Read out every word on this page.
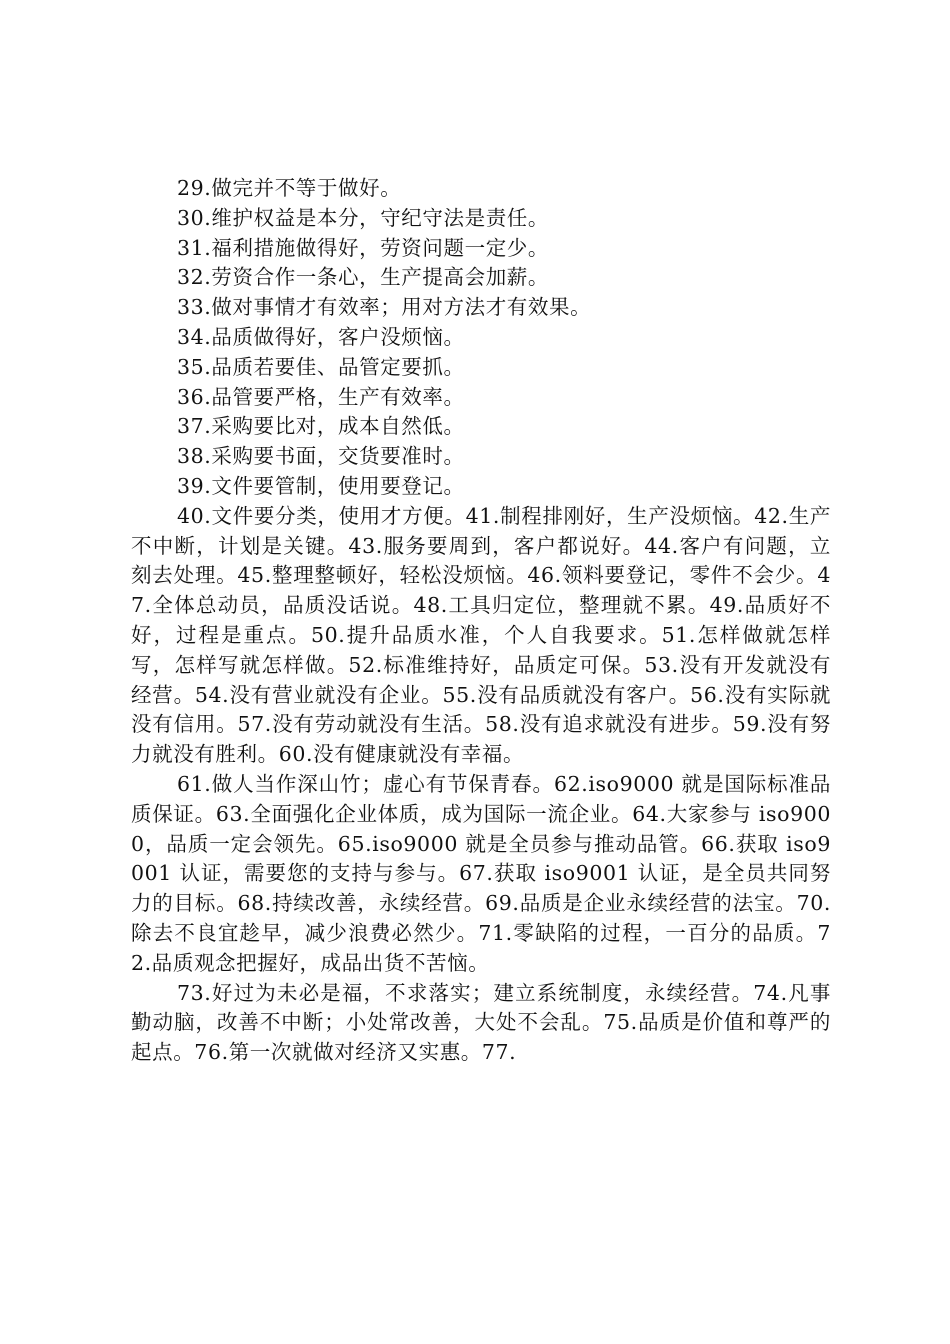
29.做完并不等于做好。
30.维护权益是本分，守纪守法是责任。
31.福利措施做得好，劳资问题一定少。
32.劳资合作一条心，生产提高会加薪。
33.做对事情才有效率；用对方法才有效果。
34.品质做得好，客户没烦恼。
35.品质若要佳、品管定要抓。
36.品管要严格，生产有效率。
37.采购要比对，成本自然低。
38.采购要书面，交货要准时。
39.文件要管制，使用要登记。

40.文件要分类，使用才方便。41.制程排刚好，生产没烦恼。42.生产不中断，计划是关键。43.服务要周到，客户都说好。44.客户有问题，立刻去处理。45.整理整顿好，轻松没烦恼。46.领料要登记，零件不会少。47.全体总动员，品质没话说。48.工具归定位，整理就不累。49.品质好不好，过程是重点。50.提升品质水准，个人自我要求。51.怎样做就怎样写，怎样写就怎样做。52.标准维持好，品质定可保。53.没有开发就没有经营。54.没有营业就没有企业。55.没有品质就没有客户。56.没有实际就没有信用。57.没有劳动就没有生活。58.没有追求就没有进步。59.没有努力就没有胜利。60.没有健康就没有幸福。

61.做人当作深山竹；虚心有节保青春。62.iso9000 就是国际标准品质保证。63.全面强化企业体质，成为国际一流企业。64.大家参与 iso9000，品质一定会领先。65.iso9000 就是全员参与推动品管。66.获取 iso9001 认证，需要您的支持与参与。67.获取 iso9001 认证，是全员共同努力的目标。68.持续改善，永续经营。69.品质是企业永续经营的法宝。70.除去不良宜趁早，减少浪费必然少。71.零缺陷的过程，一百分的品质。72.品质观念把握好，成品出货不苦恼。

73.好过为未必是福，不求落实；建立系统制度，永续经营。74.凡事勤动脑，改善不中断；小处常改善，大处不会乱。75.品质是价值和尊严的起点。76.第一次就做对经济又实惠。77.
